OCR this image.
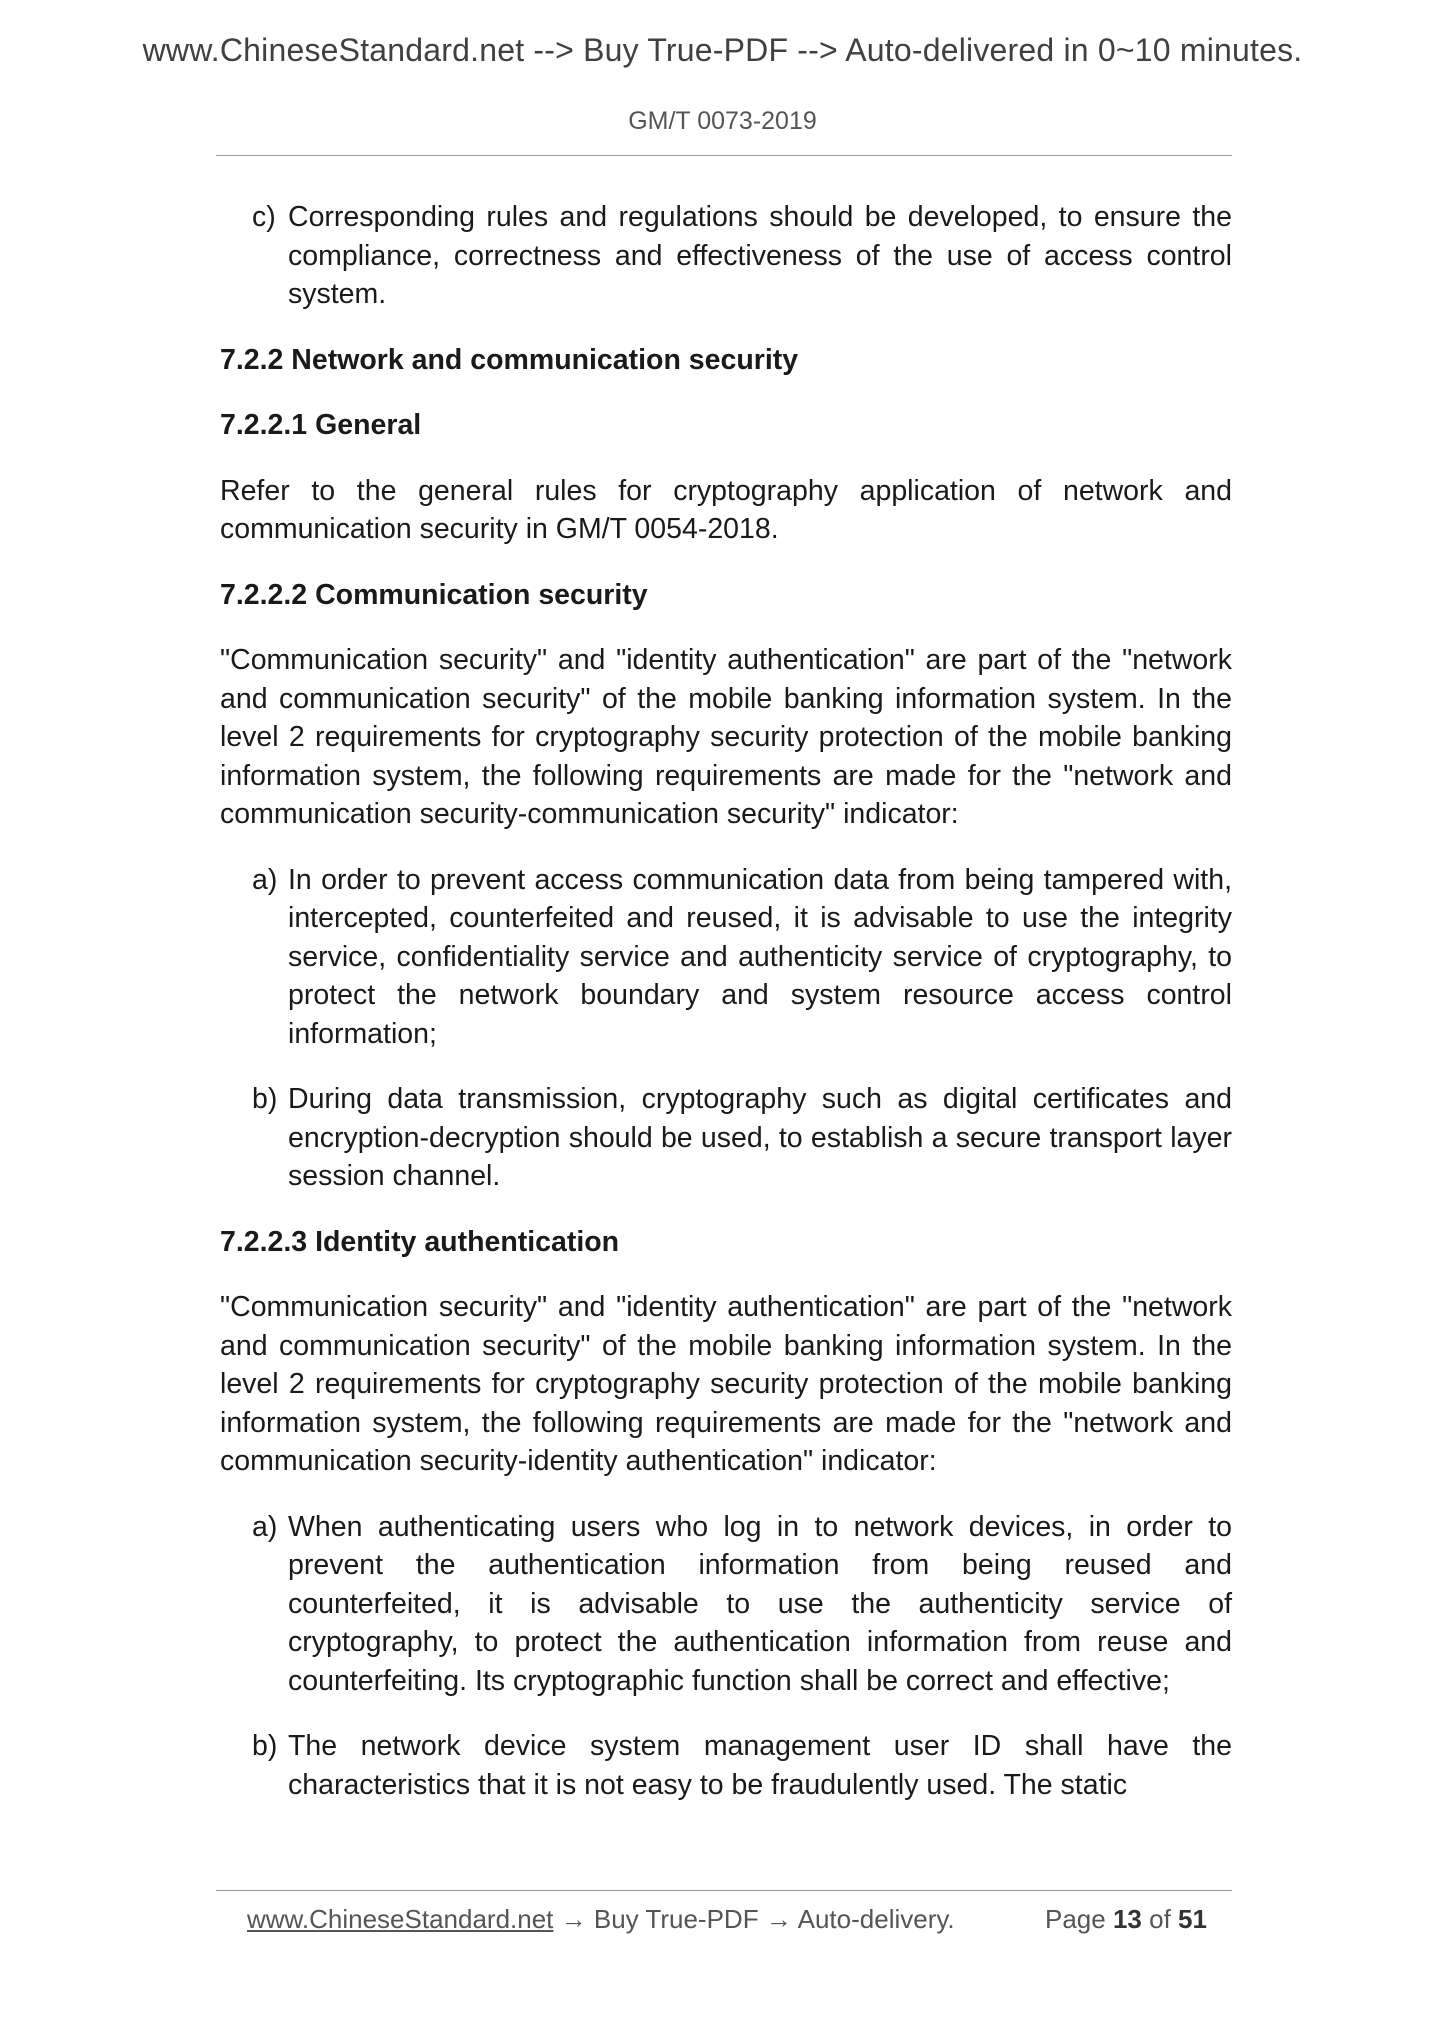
www.ChineseStandard.net --> Buy True-PDF --> Auto-delivered in 0~10 minutes.
GM/T 0073-2019
c) Corresponding rules and regulations should be developed, to ensure the compliance, correctness and effectiveness of the use of access control system.

7.2.2 Network and communication security

7.2.2.1 General

Refer to the general rules for cryptography application of network and communication security in GM/T 0054-2018.

7.2.2.2 Communication security

"Communication security" and "identity authentication" are part of the "network and communication security" of the mobile banking information system. In the level 2 requirements for cryptography security protection of the mobile banking information system, the following requirements are made for the "network and communication security-communication security" indicator:

a) In order to prevent access communication data from being tampered with, intercepted, counterfeited and reused, it is advisable to use the integrity service, confidentiality service and authenticity service of cryptography, to protect the network boundary and system resource access control information;
b) During data transmission, cryptography such as digital certificates and encryption-decryption should be used, to establish a secure transport layer session channel.

7.2.2.3 Identity authentication

"Communication security" and "identity authentication" are part of the "network and communication security" of the mobile banking information system. In the level 2 requirements for cryptography security protection of the mobile banking information system, the following requirements are made for the "network and communication security-identity authentication" indicator:

a) When authenticating users who log in to network devices, in order to prevent the authentication information from being reused and counterfeited, it is advisable to use the authenticity service of cryptography, to protect the authentication information from reuse and counterfeiting. Its cryptographic function shall be correct and effective;
b) The network device system management user ID shall have the characteristics that it is not easy to be fraudulently used. The static
www.ChineseStandard.net → Buy True-PDF → Auto-delivery.	Page 13 of 51
